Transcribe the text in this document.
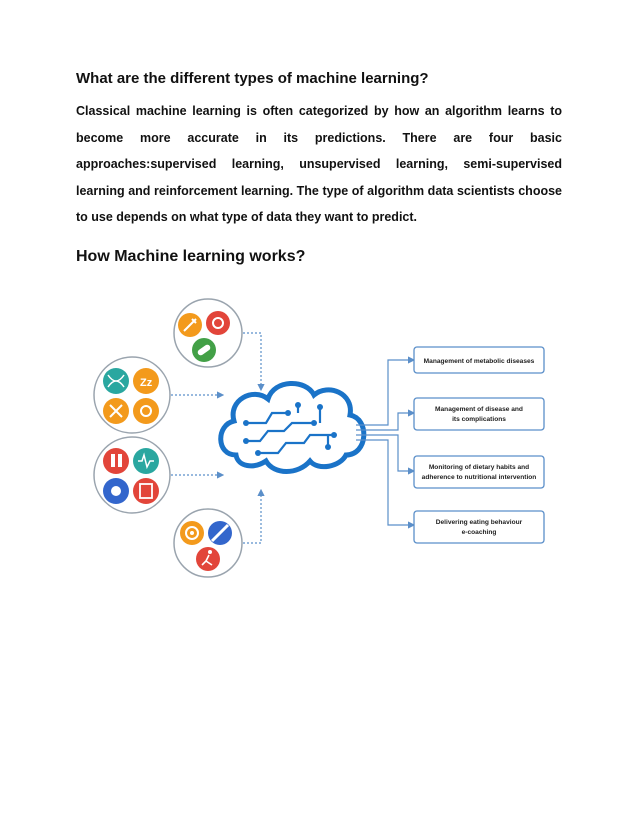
What are the different types of machine learning?

Classical machine learning is often categorized by how an algorithm learns to become more accurate in its predictions. There are four basic approaches:supervised learning, unsupervised learning, semi-supervised learning and reinforcement learning. The type of algorithm data scientists choose to use depends on what type of data they want to predict.

How Machine learning works?
Zz
Management of metabolic diseases
Management of disease and
its complications
Monitoring of dietary habits and
adherence to nutritional intervention
Delivering eating behaviour
e-coaching
